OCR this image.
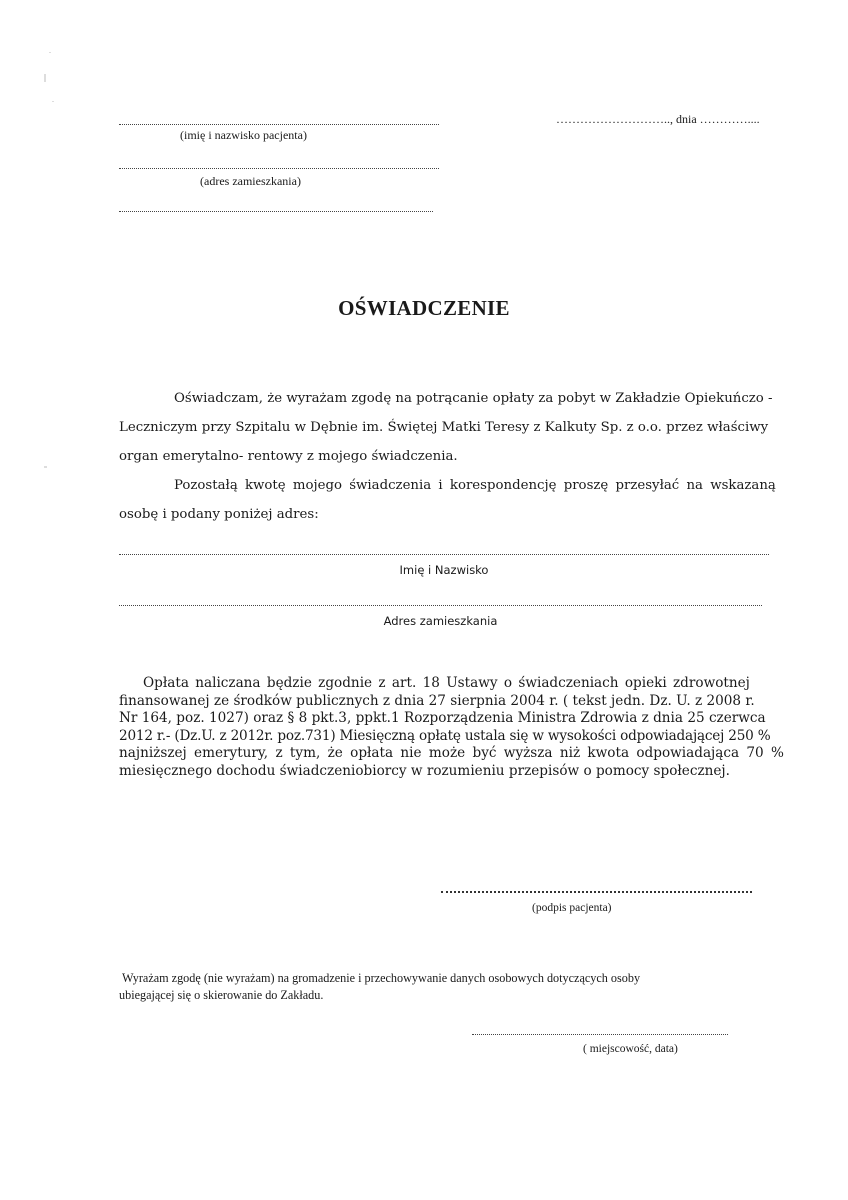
(imię i nazwisko pacjenta)
(adres zamieszkania)
……………………….., dnia …………....
OŚWIADCZENIE
Oświadczam, że wyrażam zgodę na potrącanie opłaty za pobyt w Zakładzie Opiekuńczo -
Leczniczym przy Szpitalu w Dębnie im. Świętej Matki Teresy z Kalkuty Sp. z o.o. przez właściwy
organ emerytalno- rentowy z mojego świadczenia.
Pozostałą kwotę mojego świadczenia i korespondencję proszę przesyłać na wskazaną
osobę i podany poniżej adres:
Imię i Nazwisko
Adres zamieszkania
Opłata naliczana będzie zgodnie z art. 18 Ustawy o świadczeniach opieki zdrowotnej
finansowanej ze środków publicznych z dnia 27 sierpnia 2004 r. ( tekst jedn. Dz. U. z 2008 r.
Nr 164, poz. 1027) oraz § 8 pkt.3, ppkt.1 Rozporządzenia Ministra Zdrowia z dnia 25 czerwca
2012 r.- (Dz.U. z 2012r. poz.731) Miesięczną opłatę ustala się w wysokości odpowiadającej 250 %
najniższej emerytury, z tym, że opłata nie może być wyższa niż kwota odpowiadająca 70 %
miesięcznego dochodu świadczeniobiorcy w rozumieniu przepisów o pomocy społecznej.
(podpis pacjenta)
Wyrażam zgodę (nie wyrażam) na gromadzenie i przechowywanie danych osobowych dotyczących osoby
ubiegającej się o skierowanie do Zakładu.
( miejscowość, data)
